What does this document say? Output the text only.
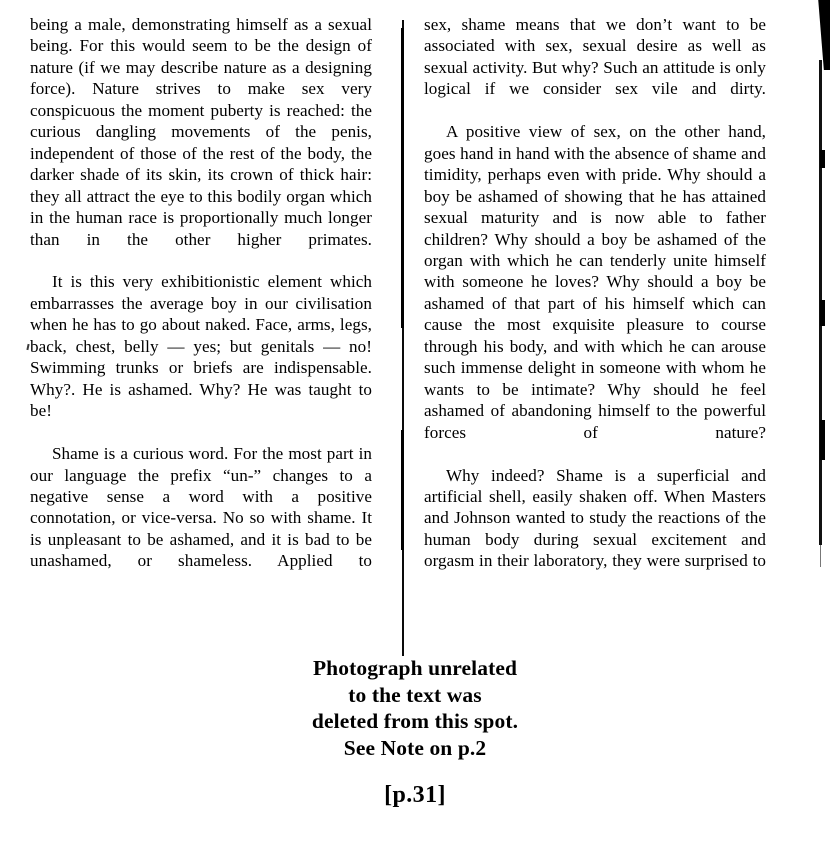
being a male, demonstrating himself as a sexual being. For this would seem to be the design of nature (if we may describe nature as a designing force). Nature strives to make sex very conspicuous the moment puberty is reached: the curious dangling movements of the penis, independent of those of the rest of the body, the darker shade of its skin, its crown of thick hair: they all attract the eye to this bodily organ which in the human race is proportionally much longer than in the other higher primates.

It is this very exhibitionistic element which embarrasses the average boy in our civilisation when he has to go about naked. Face, arms, legs, back, chest, belly — yes; but genitals — no! Swimming trunks or briefs are indispensable. Why?. He is ashamed. Why? He was taught to be!

Shame is a curious word. For the most part in our language the prefix “un-” changes to a negative sense a word with a positive connotation, or vice-versa. No so with shame. It is unpleasant to be ashamed, and it is bad to be unashamed, or shameless. Applied to

sex, shame means that we don’t want to be associated with sex, sexual desire as well as sexual activity. But why? Such an attitude is only logical if we consider sex vile and dirty.

A positive view of sex, on the other hand, goes hand in hand with the absence of shame and timidity, perhaps even with pride. Why should a boy be ashamed of showing that he has attained sexual maturity and is now able to father children? Why should a boy be ashamed of the organ with which he can tenderly unite himself with someone he loves? Why should a boy be ashamed of that part of his himself which can cause the most exquisite pleasure to course through his body, and with which he can arouse such immense delight in someone with whom he wants to be intimate? Why should he feel ashamed of abandoning himself to the powerful forces of nature?

Why indeed? Shame is a superficial and artificial shell, easily shaken off. When Masters and Johnson wanted to study the reactions of the human body during sexual excitement and orgasm in their laboratory, they were surprised to

Photograph unrelated
to the text was
deleted from this spot.
See Note on p.2
[p.31]
